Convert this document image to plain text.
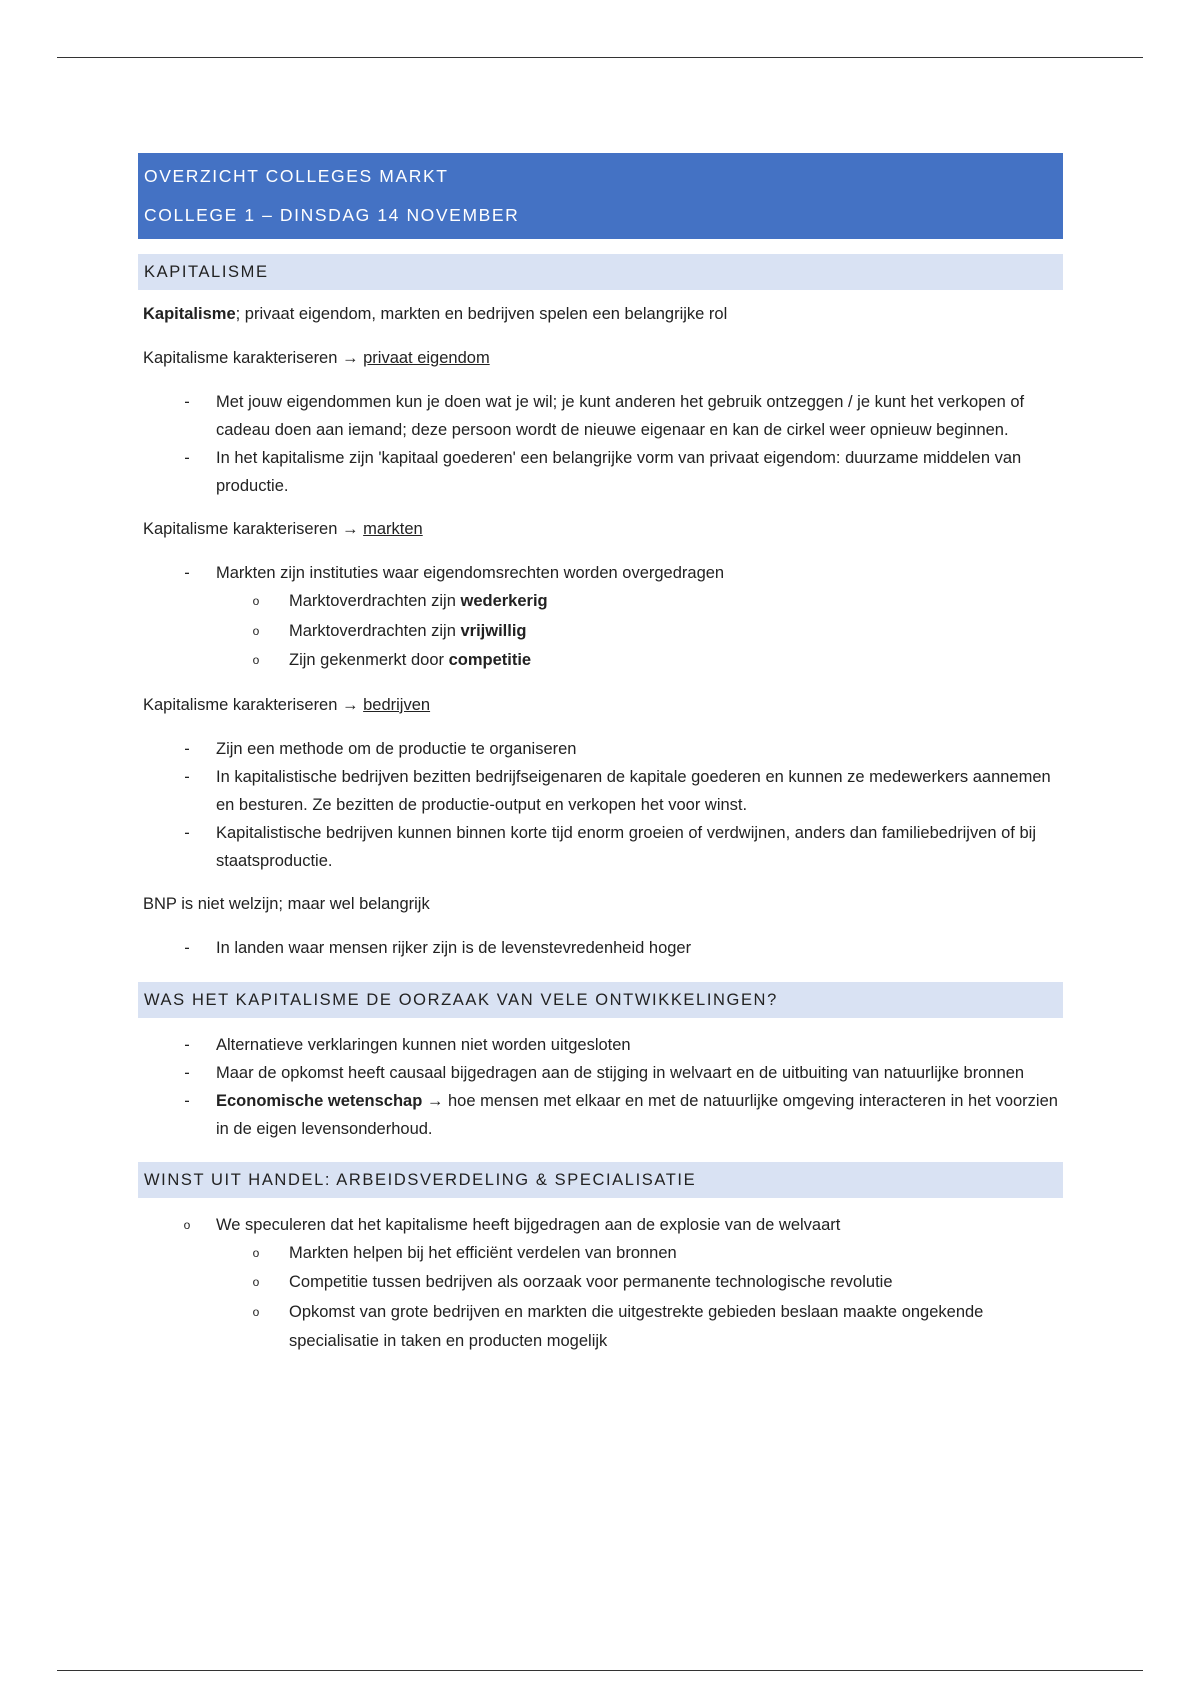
OVERZICHT COLLEGES MARKT
COLLEGE 1 – DINSDAG 14 NOVEMBER
KAPITALISME
Kapitalisme; privaat eigendom, markten en bedrijven spelen een belangrijke rol
Kapitalisme karakteriseren → privaat eigendom
- Met jouw eigendommen kun je doen wat je wil; je kunt anderen het gebruik ontzeggen / je kunt het verkopen of cadeau doen aan iemand; deze persoon wordt de nieuwe eigenaar en kan de cirkel weer opnieuw beginnen.
- In het kapitalisme zijn 'kapitaal goederen' een belangrijke vorm van privaat eigendom: duurzame middelen van productie.
Kapitalisme karakteriseren → markten
- Markten zijn instituties waar eigendomsrechten worden overgedragen
o Marktoverdrachten zijn wederkerig
o Marktoverdrachten zijn vrijwillig
o Zijn gekenmerkt door competitie
Kapitalisme karakteriseren → bedrijven
- Zijn een methode om de productie te organiseren
- In kapitalistische bedrijven bezitten bedrijfseigenaren de kapitale goederen en kunnen ze medewerkers aannemen en besturen. Ze bezitten de productie-output en verkopen het voor winst.
- Kapitalistische bedrijven kunnen binnen korte tijd enorm groeien of verdwijnen, anders dan familiebedrijven of bij staatsproductie.
BNP is niet welzijn; maar wel belangrijk
- In landen waar mensen rijker zijn is de levenstevredenheid hoger
WAS HET KAPITALISME DE OORZAAK VAN VELE ONTWIKKELINGEN?
- Alternatieve verklaringen kunnen niet worden uitgesloten
- Maar de opkomst heeft causaal bijgedragen aan de stijging in welvaart en de uitbuiting van natuurlijke bronnen
- Economische wetenschap → hoe mensen met elkaar en met de natuurlijke omgeving interacteren in het voorzien in de eigen levensonderhoud.
WINST UIT HANDEL: ARBEIDSVERDELING & SPECIALISATIE
o We speculeren dat het kapitalisme heeft bijgedragen aan de explosie van de welvaart
o Markten helpen bij het efficiënt verdelen van bronnen
o Competitie tussen bedrijven als oorzaak voor permanente technologische revolutie
o Opkomst van grote bedrijven en markten die uitgestrekte gebieden beslaan maakte ongekende specialisatie in taken en producten mogelijk
